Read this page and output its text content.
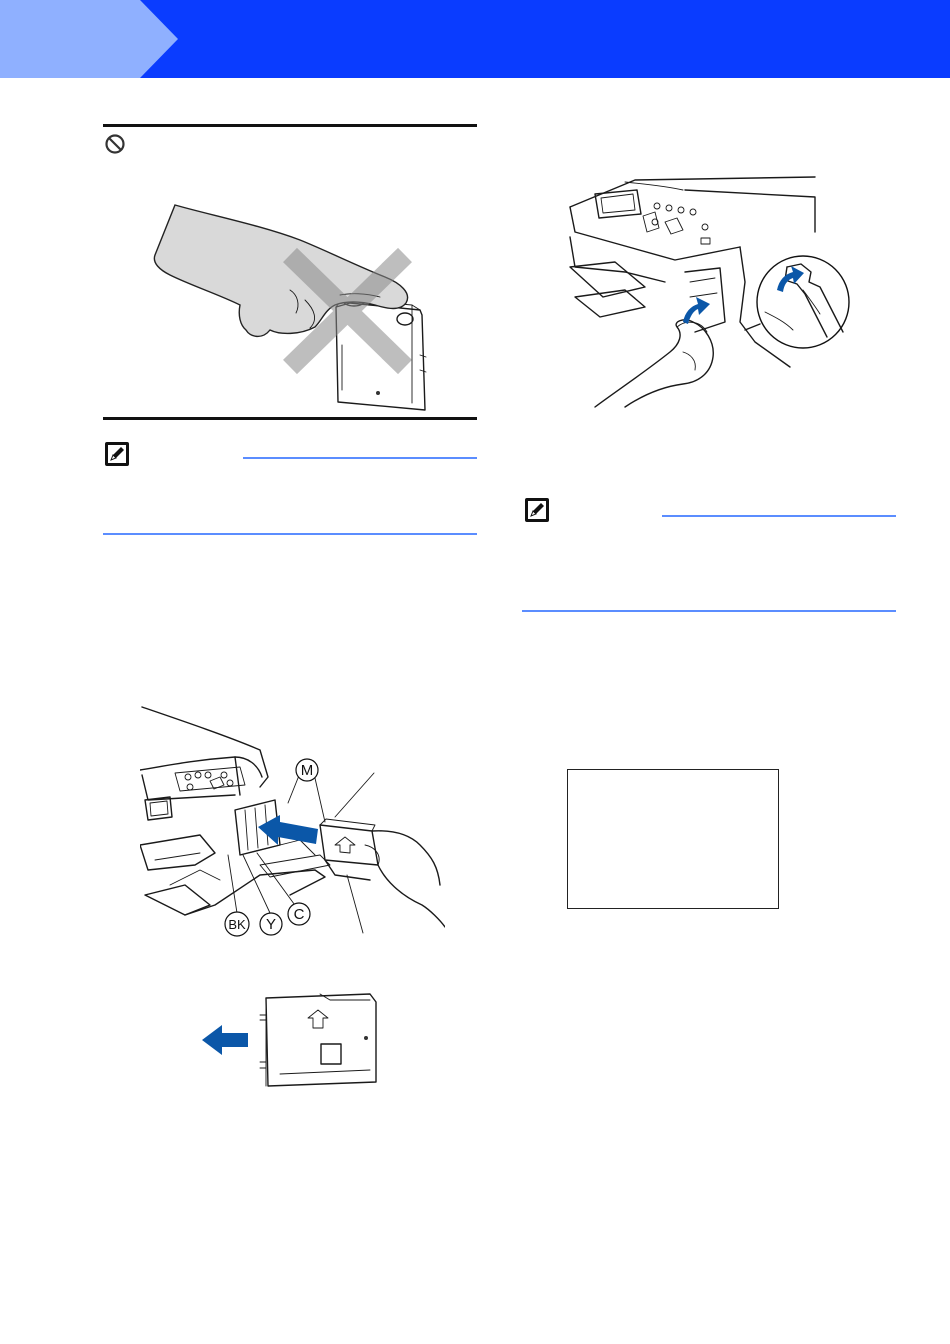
M
BK Y
C
